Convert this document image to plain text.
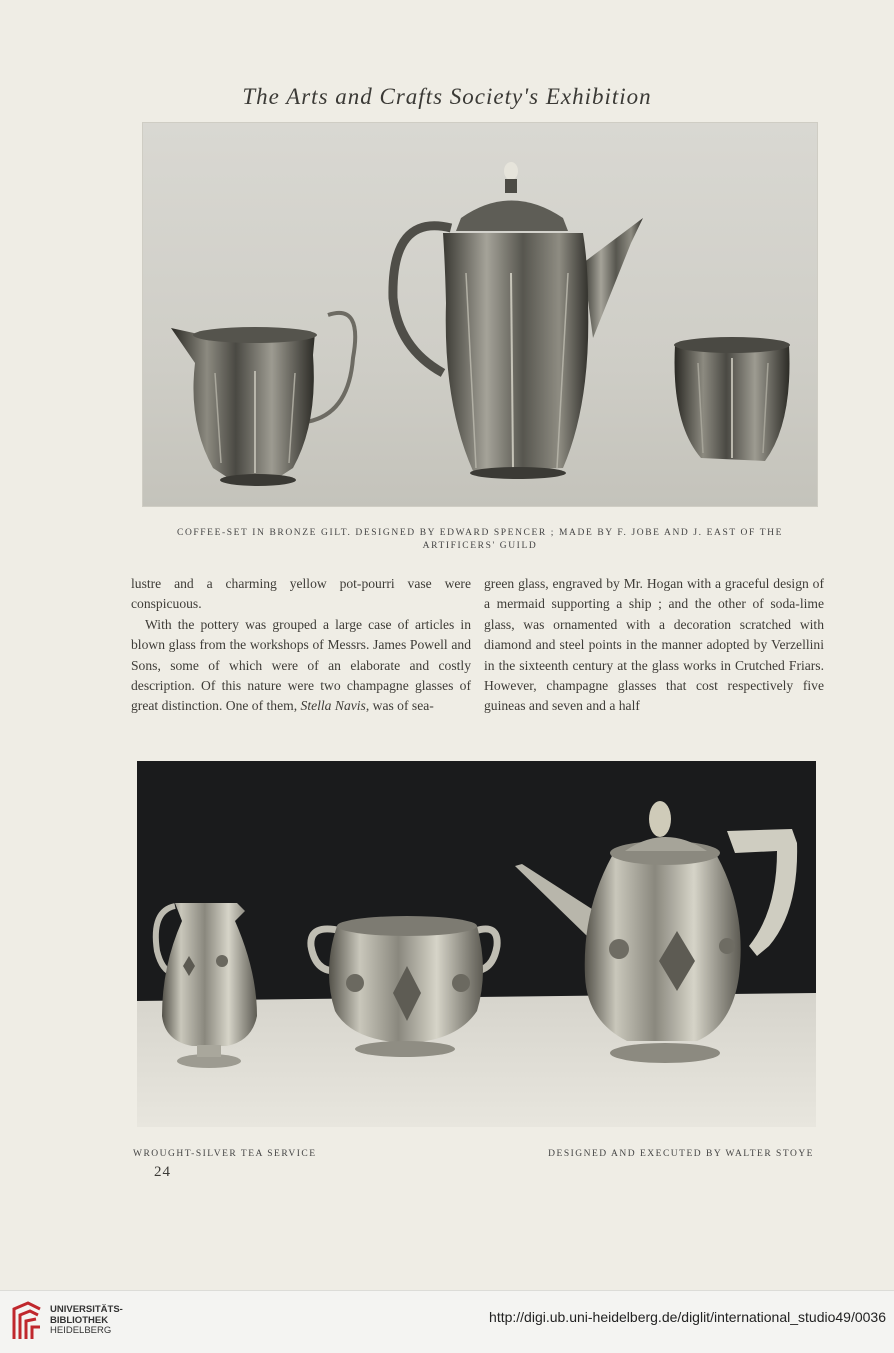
The Arts and Crafts Society's Exhibition
COFFEE-SET IN BRONZE GILT. DESIGNED BY EDWARD SPENCER ; MADE BY F. JOBE AND J. EAST OF THE
ARTIFICERS' GUILD

lustre and a charming yellow pot-pourri vase were conspicuous.

With the pottery was grouped a large case of articles in blown glass from the workshops of Messrs. James Powell and Sons, some of which were of an elaborate and costly description. Of this nature were two champagne glasses of great distinction. One of them, Stella Navis, was of sea-

green glass, engraved by Mr. Hogan with a graceful design of a mermaid supporting a ship ; and the other of soda-lime glass, was ornamented with a decoration scratched with diamond and steel points in the manner adopted by Verzellini in the sixteenth century at the glass works in Crutched Friars. However, champagne glasses that cost respectively five guineas and seven and a half

WROUGHT-SILVER TEA SERVICE	DESIGNED AND EXECUTED BY WALTER STOYE
24
UNIVERSITÄTS-
BIBLIOTHEK
HEIDELBERG
http://digi.ub.uni-heidelberg.de/diglit/international_studio49/0036
